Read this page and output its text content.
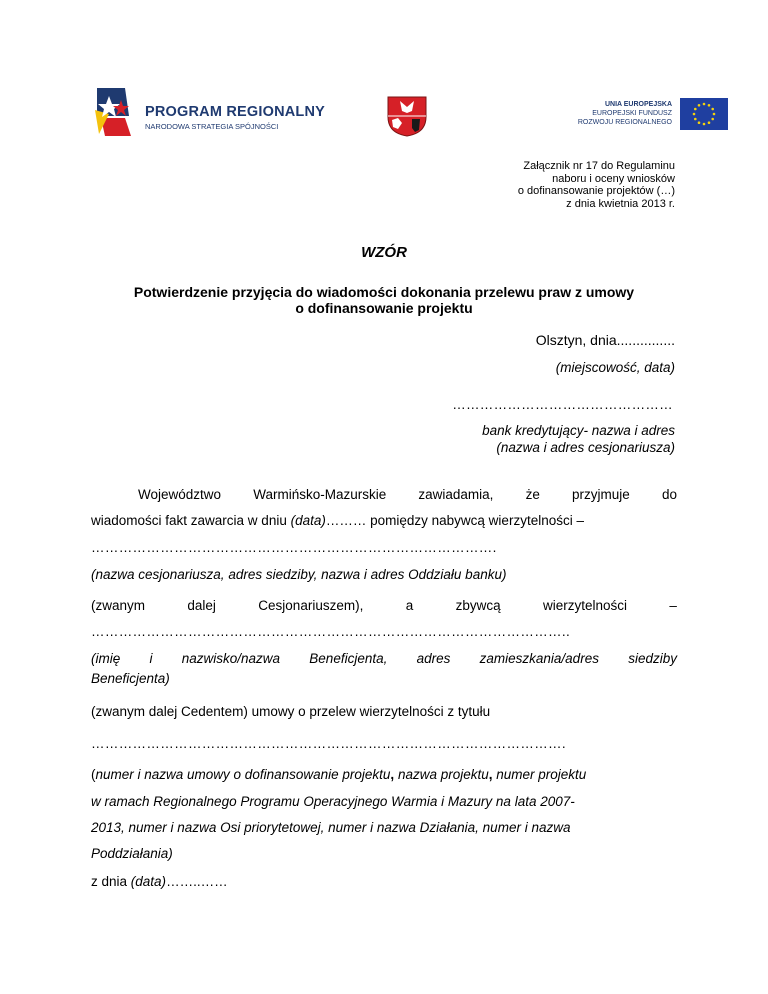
PROGRAM REGIONALNY
NARODOWA STRATEGIA SPÓJNOŚCI
UNIA EUROPEJSKA
EUROPEJSKI FUNDUSZ
ROZWOJU REGIONALNEGO
Załącznik nr 17 do Regulaminu
naboru i oceny wniosków
o dofinansowanie projektów (…)
z dnia kwietnia 2013 r.
WZÓR
Potwierdzenie przyjęcia do wiadomości dokonania przelewu praw z umowy
o dofinansowanie projektu
Olsztyn, dnia...............
(miejscowość, data)
…………………………………………
bank kredytujący- nazwa i adres
(nazwa i adres cesjonariusza)
Województwo Warmińsko-Mazurskie zawiadamia, że przyjmuje do
wiadomości fakt zawarcia w dniu (data)……… pomiędzy nabywcą wierzytelności –
…………………………………………………………………………….
(nazwa cesjonariusza, adres siedziby, nazwa i adres Oddziału banku)
(zwanym	dalej	Cesjonariuszem),	a	zbywcą	wierzytelności	–
…………………………………………………………………………………………..
(imię i nazwisko/nazwa Beneficjenta, adres zamieszkania/adres siedziby
Beneficjenta)
(zwanym dalej Cedentem) umowy o przelew wierzytelności z tytułu
………………………………………………………………………………………….
(numer i nazwa umowy o dofinansowanie projektu, nazwa projektu, numer projektu
w ramach Regionalnego Programu Operacyjnego Warmia i Mazury na lata 2007-
2013, numer i nazwa Osi priorytetowej, numer i nazwa Działania, numer i nazwa
Poddziałania)
z dnia (data)……..……
